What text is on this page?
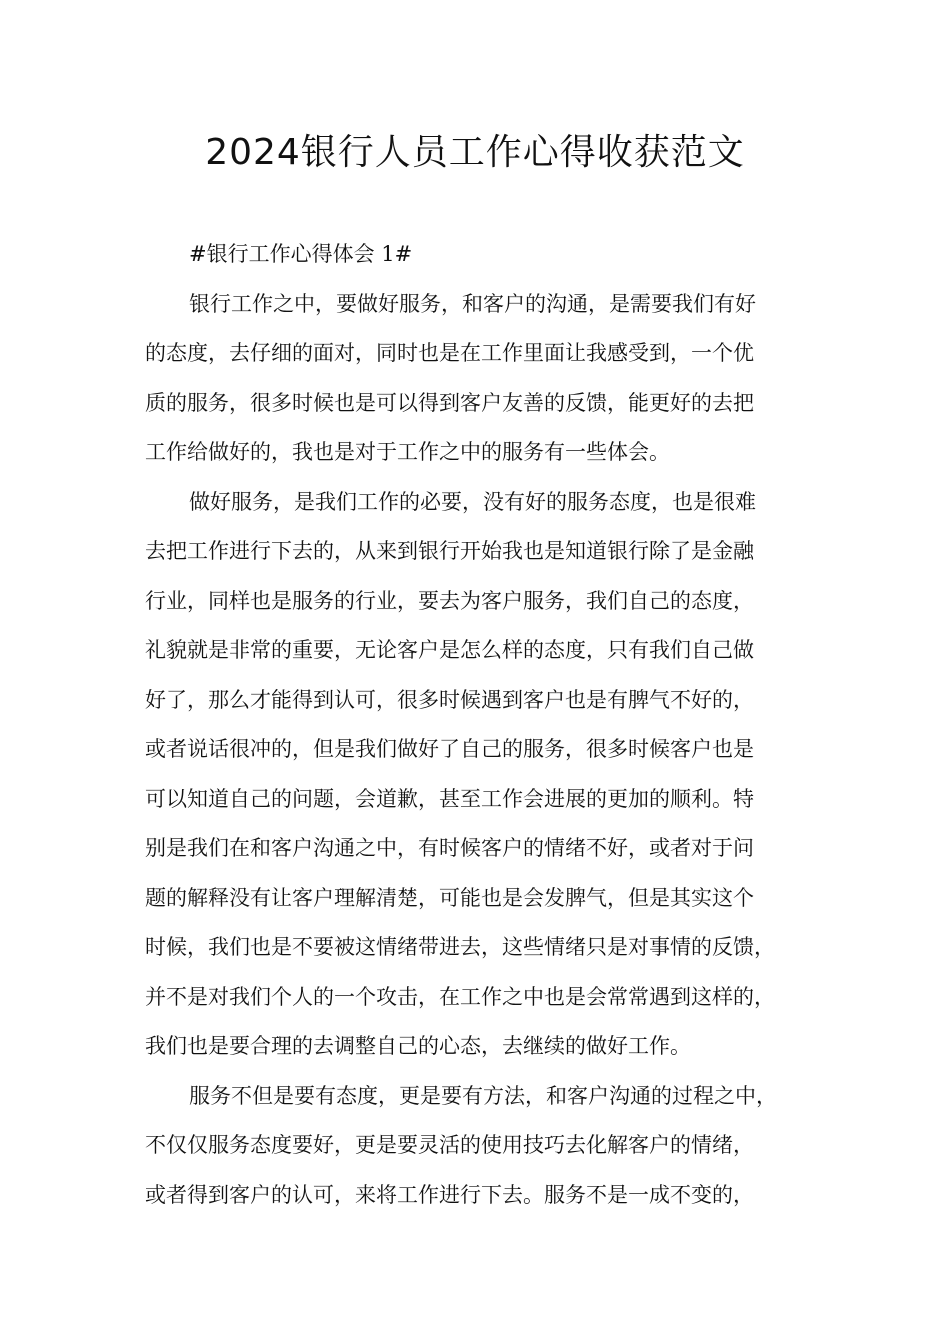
2024银行人员工作心得收获范文
#银行工作心得体会 1#
银行工作之中，要做好服务，和客户的沟通，是需要我们有好
的态度，去仔细的面对，同时也是在工作里面让我感受到，一个优
质的服务，很多时候也是可以得到客户友善的反馈，能更好的去把
工作给做好的，我也是对于工作之中的服务有一些体会。
做好服务，是我们工作的必要，没有好的服务态度，也是很难
去把工作进行下去的，从来到银行开始我也是知道银行除了是金融
行业，同样也是服务的行业，要去为客户服务，我们自己的态度，
礼貌就是非常的重要，无论客户是怎么样的态度，只有我们自己做
好了，那么才能得到认可，很多时候遇到客户也是有脾气不好的，
或者说话很冲的，但是我们做好了自己的服务，很多时候客户也是
可以知道自己的问题，会道歉，甚至工作会进展的更加的顺利。特
别是我们在和客户沟通之中，有时候客户的情绪不好，或者对于问
题的解释没有让客户理解清楚，可能也是会发脾气，但是其实这个
时候，我们也是不要被这情绪带进去，这些情绪只是对事情的反馈，
并不是对我们个人的一个攻击，在工作之中也是会常常遇到这样的，
我们也是要合理的去调整自己的心态，去继续的做好工作。
服务不但是要有态度，更是要有方法，和客户沟通的过程之中，
不仅仅服务态度要好，更是要灵活的使用技巧去化解客户的情绪，
或者得到客户的认可，来将工作进行下去。服务不是一成不变的，
